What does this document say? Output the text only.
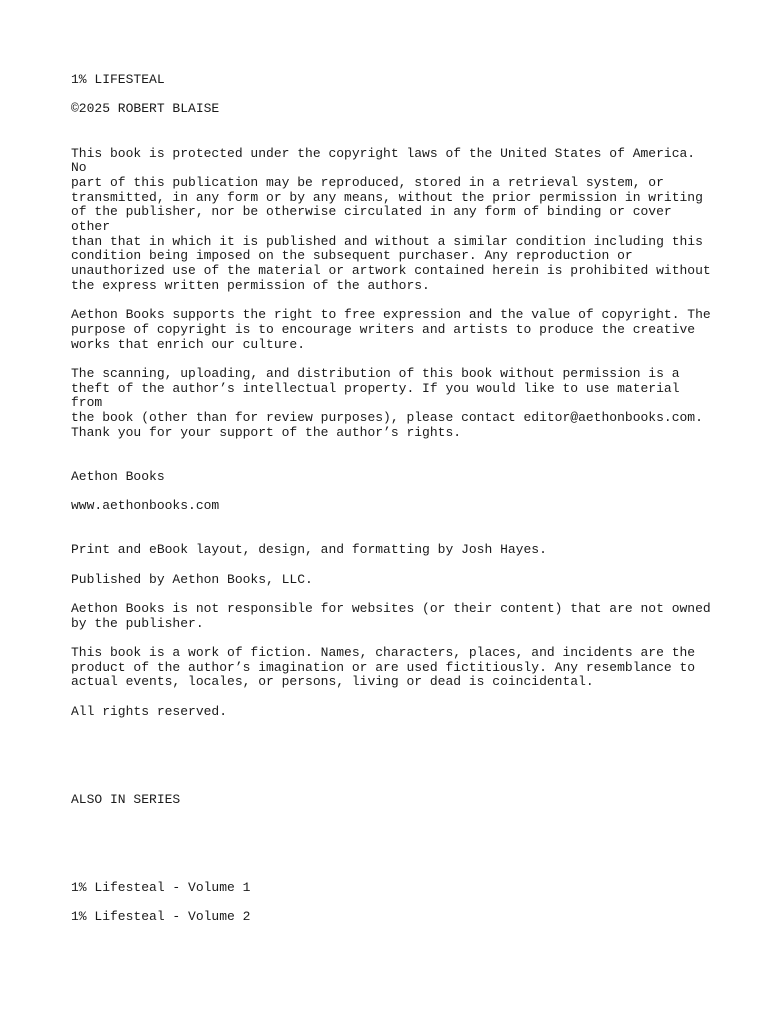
1% LIFESTEAL

©2025 ROBERT BLAISE

This book is protected under the copyright laws of the United States of America. No
part of this publication may be reproduced, stored in a retrieval system, or
transmitted, in any form or by any means, without the prior permission in writing
of the publisher, nor be otherwise circulated in any form of binding or cover other
than that in which it is published and without a similar condition including this
condition being imposed on the subsequent purchaser. Any reproduction or
unauthorized use of the material or artwork contained herein is prohibited without
the express written permission of the authors.

Aethon Books supports the right to free expression and the value of copyright. The
purpose of copyright is to encourage writers and artists to produce the creative
works that enrich our culture.

The scanning, uploading, and distribution of this book without permission is a
theft of the author’s intellectual property. If you would like to use material from
the book (other than for review purposes), please contact editor@aethonbooks.com.
Thank you for your support of the author’s rights.

Aethon Books

www.aethonbooks.com

Print and eBook layout, design, and formatting by Josh Hayes.

Published by Aethon Books, LLC.

Aethon Books is not responsible for websites (or their content) that are not owned
by the publisher.

This book is a work of fiction. Names, characters, places, and incidents are the
product of the author’s imagination or are used fictitiously. Any resemblance to
actual events, locales, or persons, living or dead is coincidental.

All rights reserved.

ALSO IN SERIES

1% Lifesteal - Volume 1

1% Lifesteal - Volume 2
